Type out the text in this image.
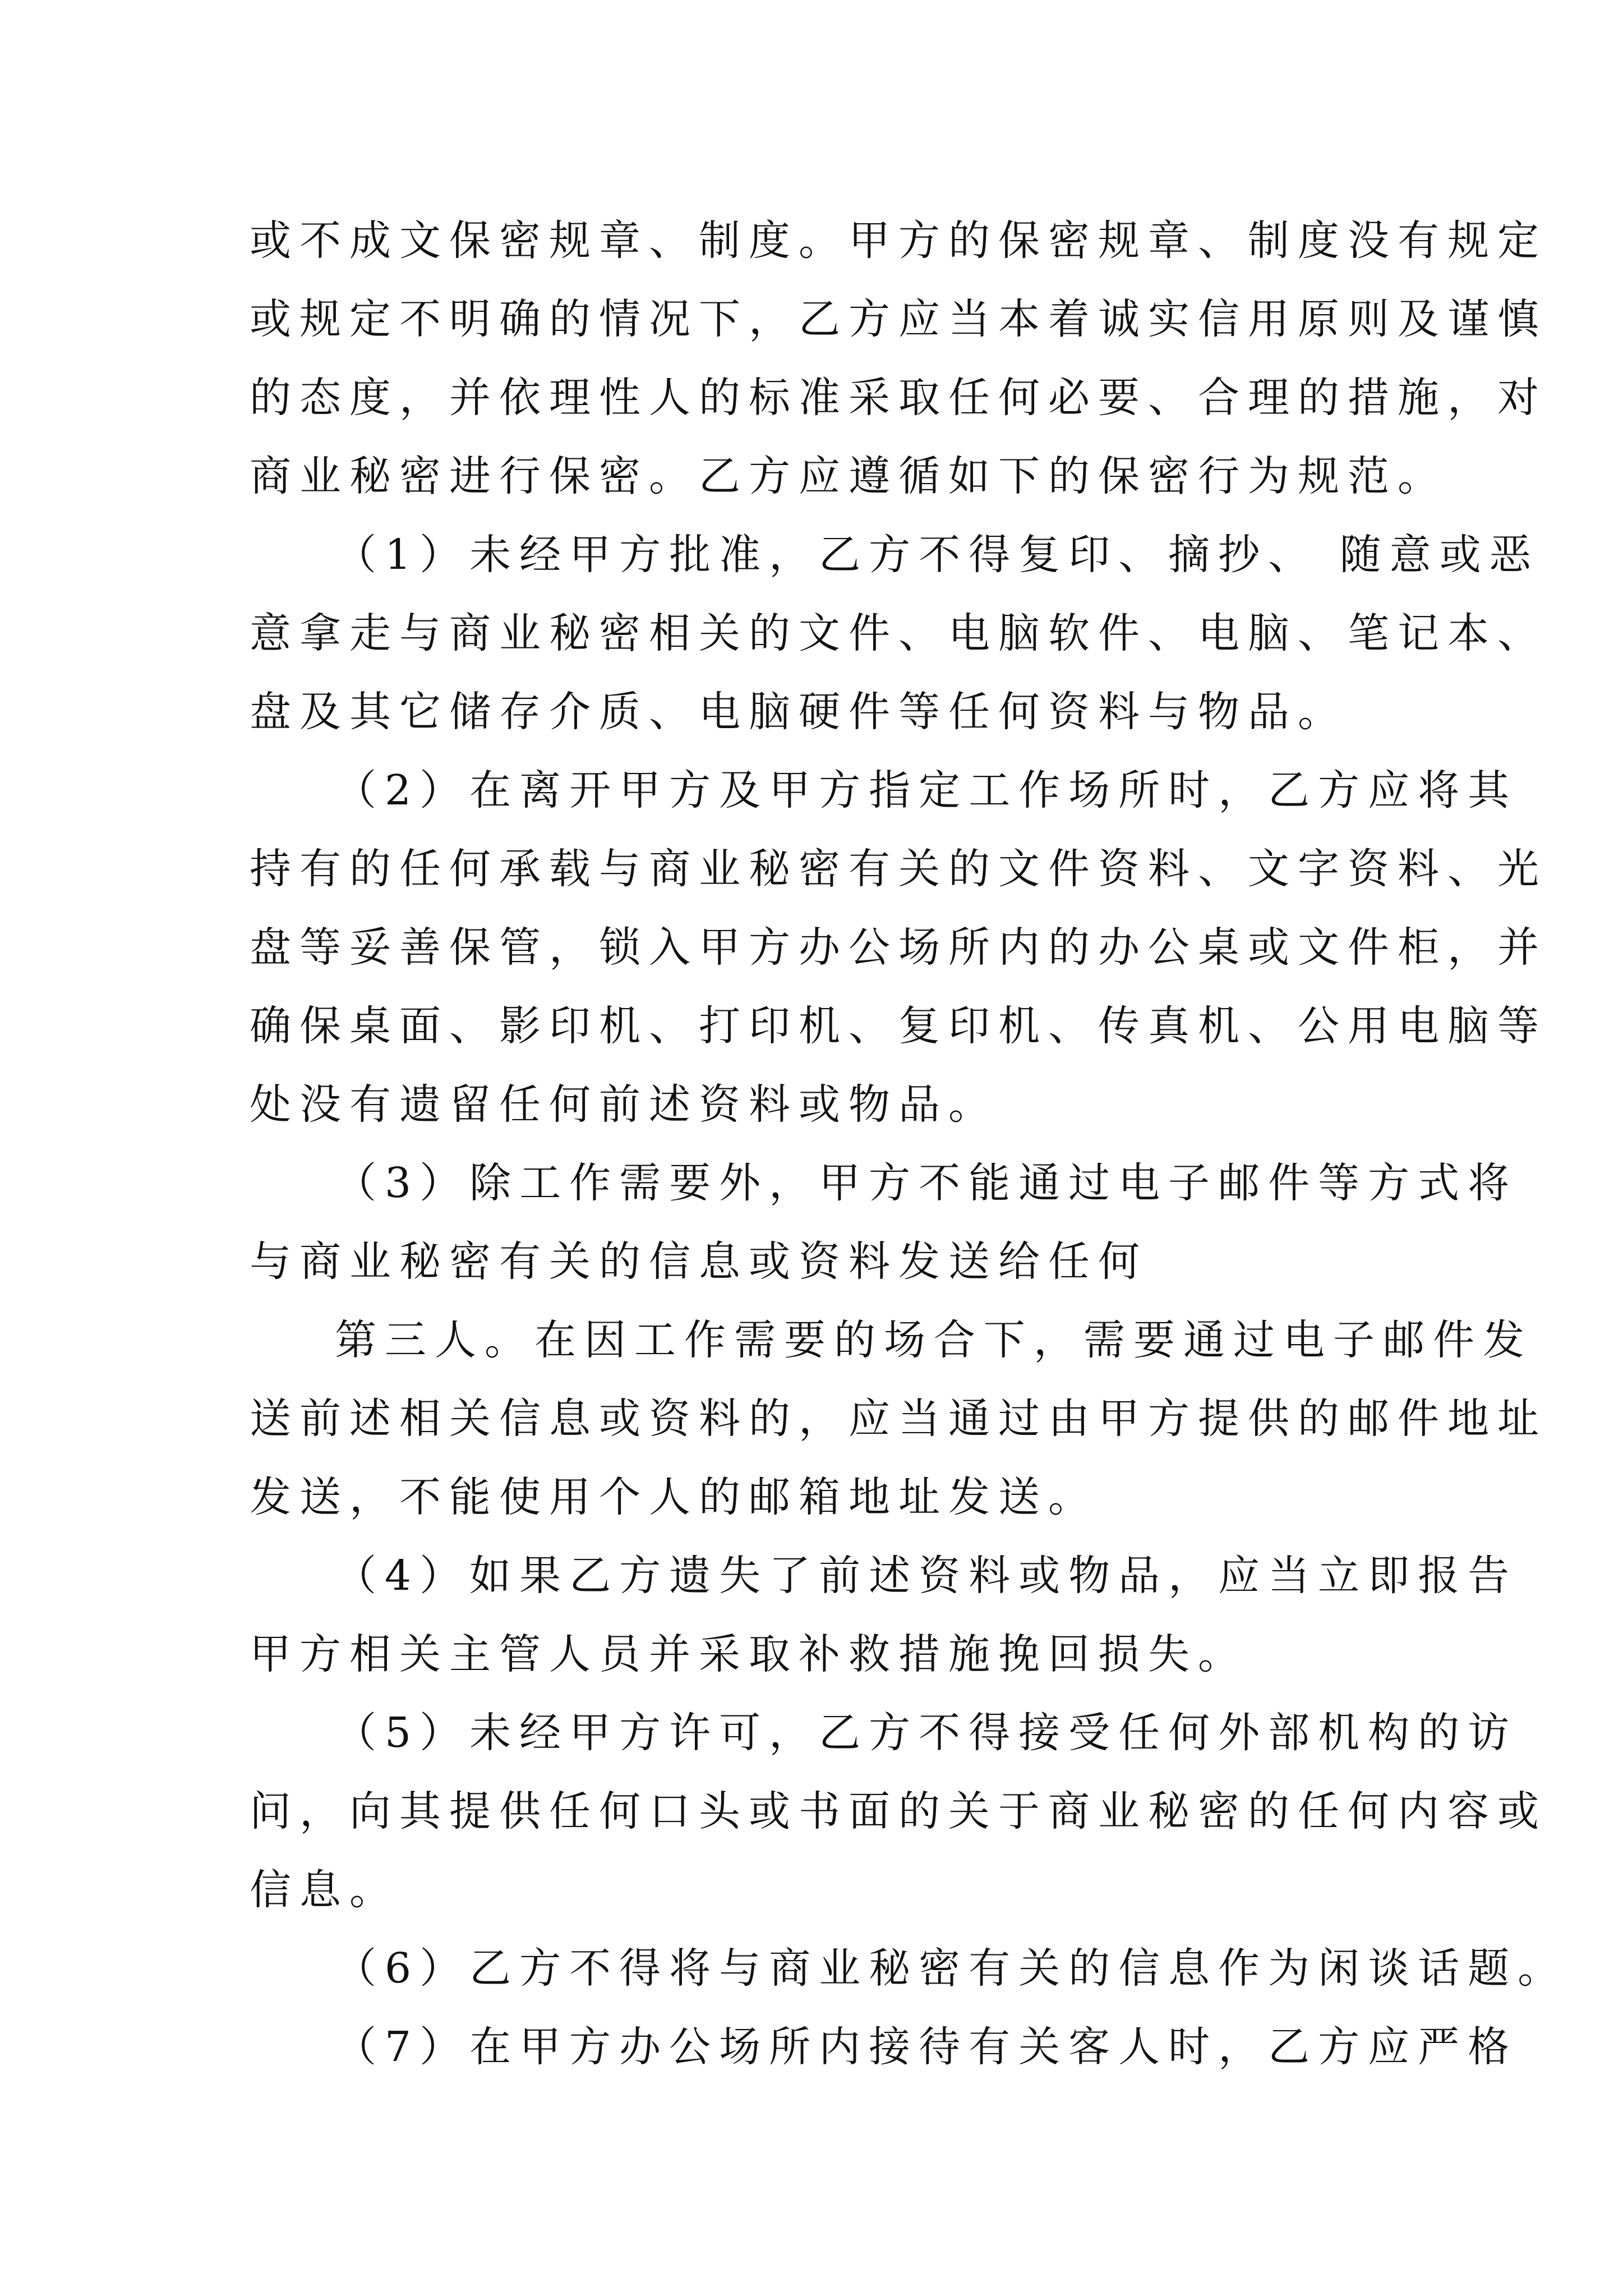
或不成文保密规章、制度。甲方的保密规章、制度没有规定
或规定不明确的情况下，乙方应当本着诚实信用原则及谨慎
的态度，并依理性人的标准采取任何必要、合理的措施，对
商业秘密进行保密。乙方应遵循如下的保密行为规范。
（1）未经甲方批准，乙方不得复印、摘抄、 随意或恶
意拿走与商业秘密相关的文件、电脑软件、电脑、笔记本、
盘及其它储存介质、电脑硬件等任何资料与物品。
（2）在离开甲方及甲方指定工作场所时，乙方应将其
持有的任何承载与商业秘密有关的文件资料、文字资料、光
盘等妥善保管，锁入甲方办公场所内的办公桌或文件柜，并
确保桌面、影印机、打印机、复印机、传真机、公用电脑等
处没有遗留任何前述资料或物品。
（3）除工作需要外，甲方不能通过电子邮件等方式将
与商业秘密有关的信息或资料发送给任何
第三人。在因工作需要的场合下，需要通过电子邮件发
送前述相关信息或资料的，应当通过由甲方提供的邮件地址
发送，不能使用个人的邮箱地址发送。
（4）如果乙方遗失了前述资料或物品，应当立即报告
甲方相关主管人员并采取补救措施挽回损失。
（5）未经甲方许可，乙方不得接受任何外部机构的访
问，向其提供任何口头或书面的关于商业秘密的任何内容或
信息。
（6）乙方不得将与商业秘密有关的信息作为闲谈话题。
（7）在甲方办公场所内接待有关客人时，乙方应严格
